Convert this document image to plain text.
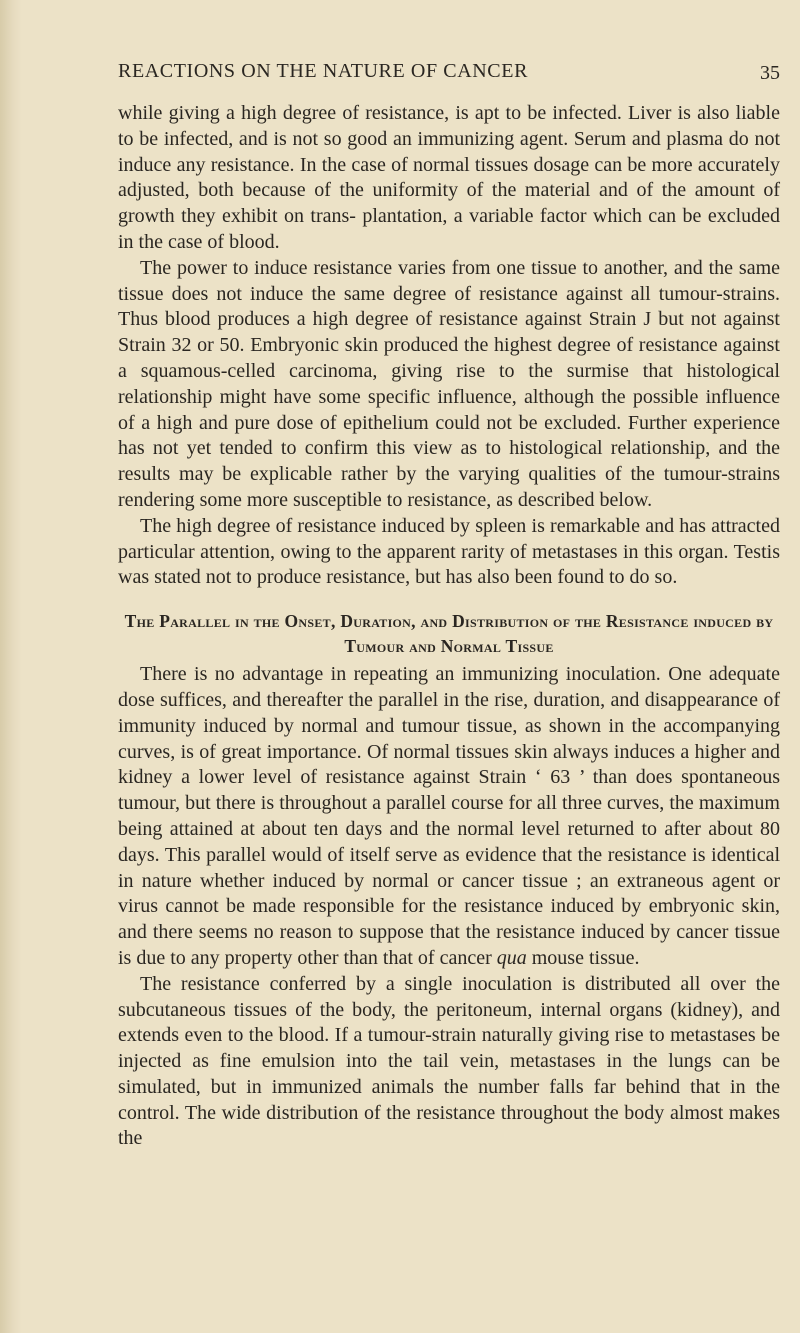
REACTIONS ON THE NATURE OF CANCER	35

while giving a high degree of resistance, is apt to be infected. Liver is also liable to be infected, and is not so good an immunizing agent. Serum and plasma do not induce any resistance. In the case of normal tissues dosage can be more accurately adjusted, both because of the uniformity of the material and of the amount of growth they exhibit on trans- plantation, a variable factor which can be excluded in the case of blood.

The power to induce resistance varies from one tissue to another, and the same tissue does not induce the same degree of resistance against all tumour-strains. Thus blood produces a high degree of resistance against Strain J but not against Strain 32 or 50. Embryonic skin produced the highest degree of resistance against a squamous-celled carcinoma, giving rise to the surmise that histological relationship might have some specific influence, although the possible influence of a high and pure dose of epithelium could not be excluded. Further experience has not yet tended to confirm this view as to histological relationship, and the results may be explicable rather by the varying qualities of the tumour-strains rendering some more susceptible to resistance, as described below.

The high degree of resistance induced by spleen is remarkable and has attracted particular attention, owing to the apparent rarity of metastases in this organ. Testis was stated not to produce resistance, but has also been found to do so.

The Parallel in the Onset, Duration, and Distribution of the Resistance induced by Tumour and Normal Tissue

There is no advantage in repeating an immunizing inoculation. One adequate dose suffices, and thereafter the parallel in the rise, duration, and disappearance of immunity induced by normal and tumour tissue, as shown in the accompanying curves, is of great importance. Of normal tissues skin always induces a higher and kidney a lower level of resistance against Strain ‘ 63 ’ than does spontaneous tumour, but there is throughout a parallel course for all three curves, the maximum being attained at about ten days and the normal level returned to after about 80 days. This parallel would of itself serve as evidence that the resistance is identical in nature whether induced by normal or cancer tissue ; an extraneous agent or virus cannot be made responsible for the resistance induced by embryonic skin, and there seems no reason to suppose that the resistance induced by cancer tissue is due to any property other than that of cancer qua mouse tissue.

The resistance conferred by a single inoculation is distributed all over the subcutaneous tissues of the body, the peritoneum, internal organs (kidney), and extends even to the blood. If a tumour-strain naturally giving rise to metastases be injected as fine emulsion into the tail vein, metastases in the lungs can be simulated, but in immunized animals the number falls far behind that in the control. The wide distribution of the resistance throughout the body almost makes the
